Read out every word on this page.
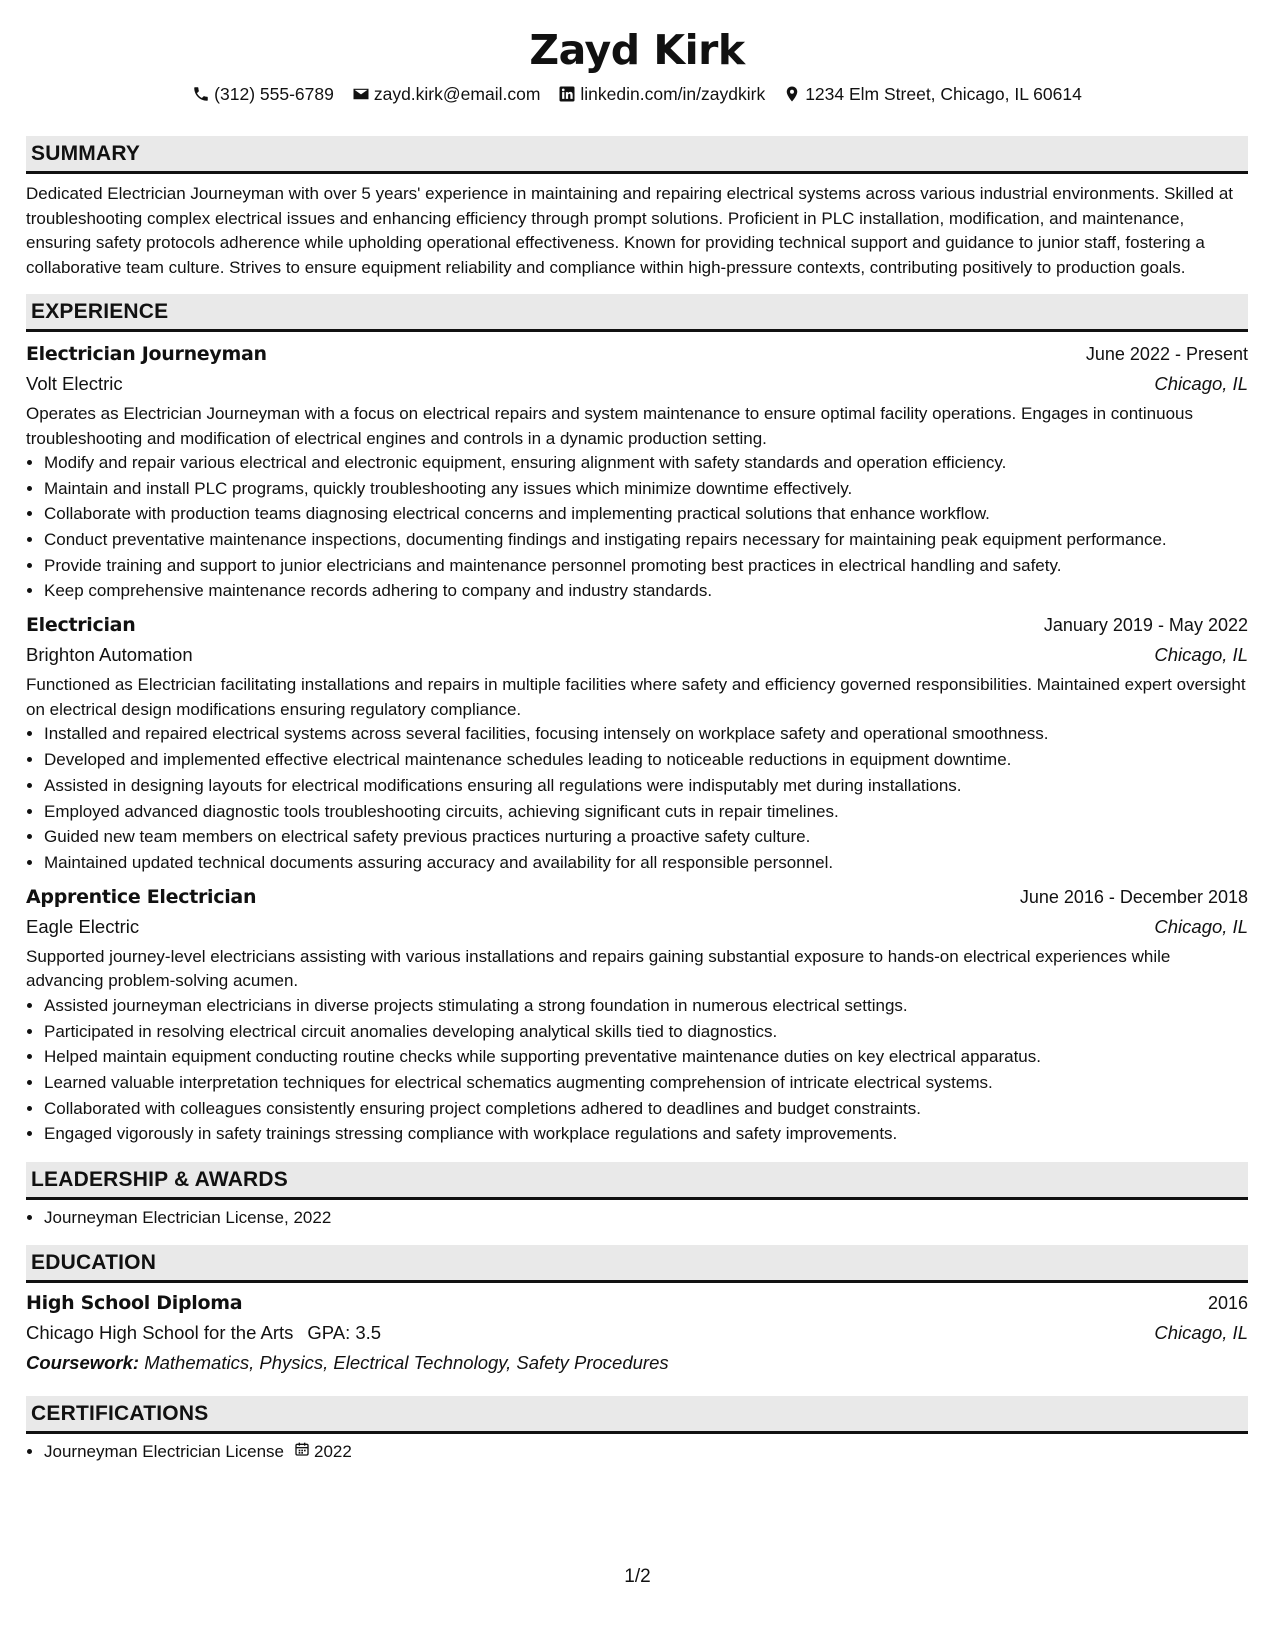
Zayd Kirk
(312) 555-6789 zayd.kirk@email.com linkedin.com/in/zaydkirk 1234 Elm Street, Chicago, IL 60614
SUMMARY

Dedicated Electrician Journeyman with over 5 years' experience in maintaining and repairing electrical systems across various industrial environments. Skilled at troubleshooting complex electrical issues and enhancing efficiency through prompt solutions. Proficient in PLC installation, modification, and maintenance, ensuring safety protocols adherence while upholding operational effectiveness. Known for providing technical support and guidance to junior staff, fostering a collaborative team culture. Strives to ensure equipment reliability and compliance within high-pressure contexts, contributing positively to production goals.

EXPERIENCE
Electrician Journeyman	June 2022 - Present
Volt Electric	Chicago, IL

Operates as Electrician Journeyman with a focus on electrical repairs and system maintenance to ensure optimal facility operations. Engages in continuous troubleshooting and modification of electrical engines and controls in a dynamic production setting.

• Modify and repair various electrical and electronic equipment, ensuring alignment with safety standards and operation efficiency.
• Maintain and install PLC programs, quickly troubleshooting any issues which minimize downtime effectively.
• Collaborate with production teams diagnosing electrical concerns and implementing practical solutions that enhance workflow.
• Conduct preventative maintenance inspections, documenting findings and instigating repairs necessary for maintaining peak equipment performance.
• Provide training and support to junior electricians and maintenance personnel promoting best practices in electrical handling and safety.
• Keep comprehensive maintenance records adhering to company and industry standards.
Electrician	January 2019 - May 2022
Brighton Automation	Chicago, IL

Functioned as Electrician facilitating installations and repairs in multiple facilities where safety and efficiency governed responsibilities. Maintained expert oversight on electrical design modifications ensuring regulatory compliance.

• Installed and repaired electrical systems across several facilities, focusing intensely on workplace safety and operational smoothness.
• Developed and implemented effective electrical maintenance schedules leading to noticeable reductions in equipment downtime.
• Assisted in designing layouts for electrical modifications ensuring all regulations were indisputably met during installations.
• Employed advanced diagnostic tools troubleshooting circuits, achieving significant cuts in repair timelines.
• Guided new team members on electrical safety previous practices nurturing a proactive safety culture.
• Maintained updated technical documents assuring accuracy and availability for all responsible personnel.
Apprentice Electrician	June 2016 - December 2018
Eagle Electric	Chicago, IL

Supported journey-level electricians assisting with various installations and repairs gaining substantial exposure to hands-on electrical experiences while advancing problem-solving acumen.

• Assisted journeyman electricians in diverse projects stimulating a strong foundation in numerous electrical settings.
• Participated in resolving electrical circuit anomalies developing analytical skills tied to diagnostics.
• Helped maintain equipment conducting routine checks while supporting preventative maintenance duties on key electrical apparatus.
• Learned valuable interpretation techniques for electrical schematics augmenting comprehension of intricate electrical systems.
• Collaborated with colleagues consistently ensuring project completions adhered to deadlines and budget constraints.
• Engaged vigorously in safety trainings stressing compliance with workplace regulations and safety improvements.
LEADERSHIP & AWARDS
• Journeyman Electrician License, 2022
EDUCATION
High School Diploma	2016
Chicago High School for the Arts GPA: 3.5	Chicago, IL
Coursework: Mathematics, Physics, Electrical Technology, Safety Procedures
CERTIFICATIONS
• Journeyman Electrician License 2022
1/2
